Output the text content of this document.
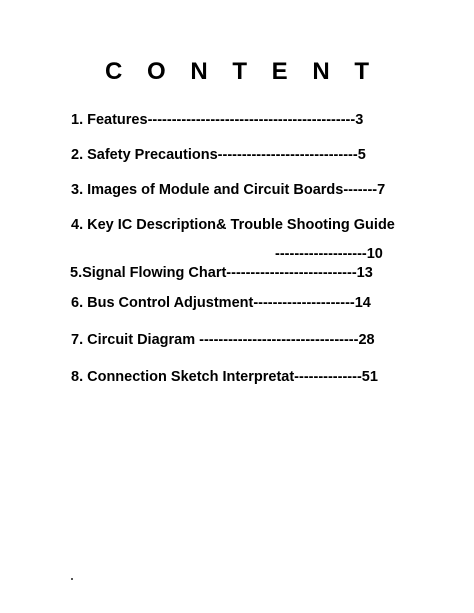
C O N T E N T
1. Features-------------------------------------------3
2. Safety Precautions-----------------------------5
3. Images of Module and Circuit Boards-------7
4. Key IC Description& Trouble Shooting Guide
-------------------10
5.Signal Flowing Chart---------------------------13
6. Bus Control Adjustment---------------------14
7. Circuit Diagram ---------------------------------28
8. Connection Sketch Interpretat--------------51
